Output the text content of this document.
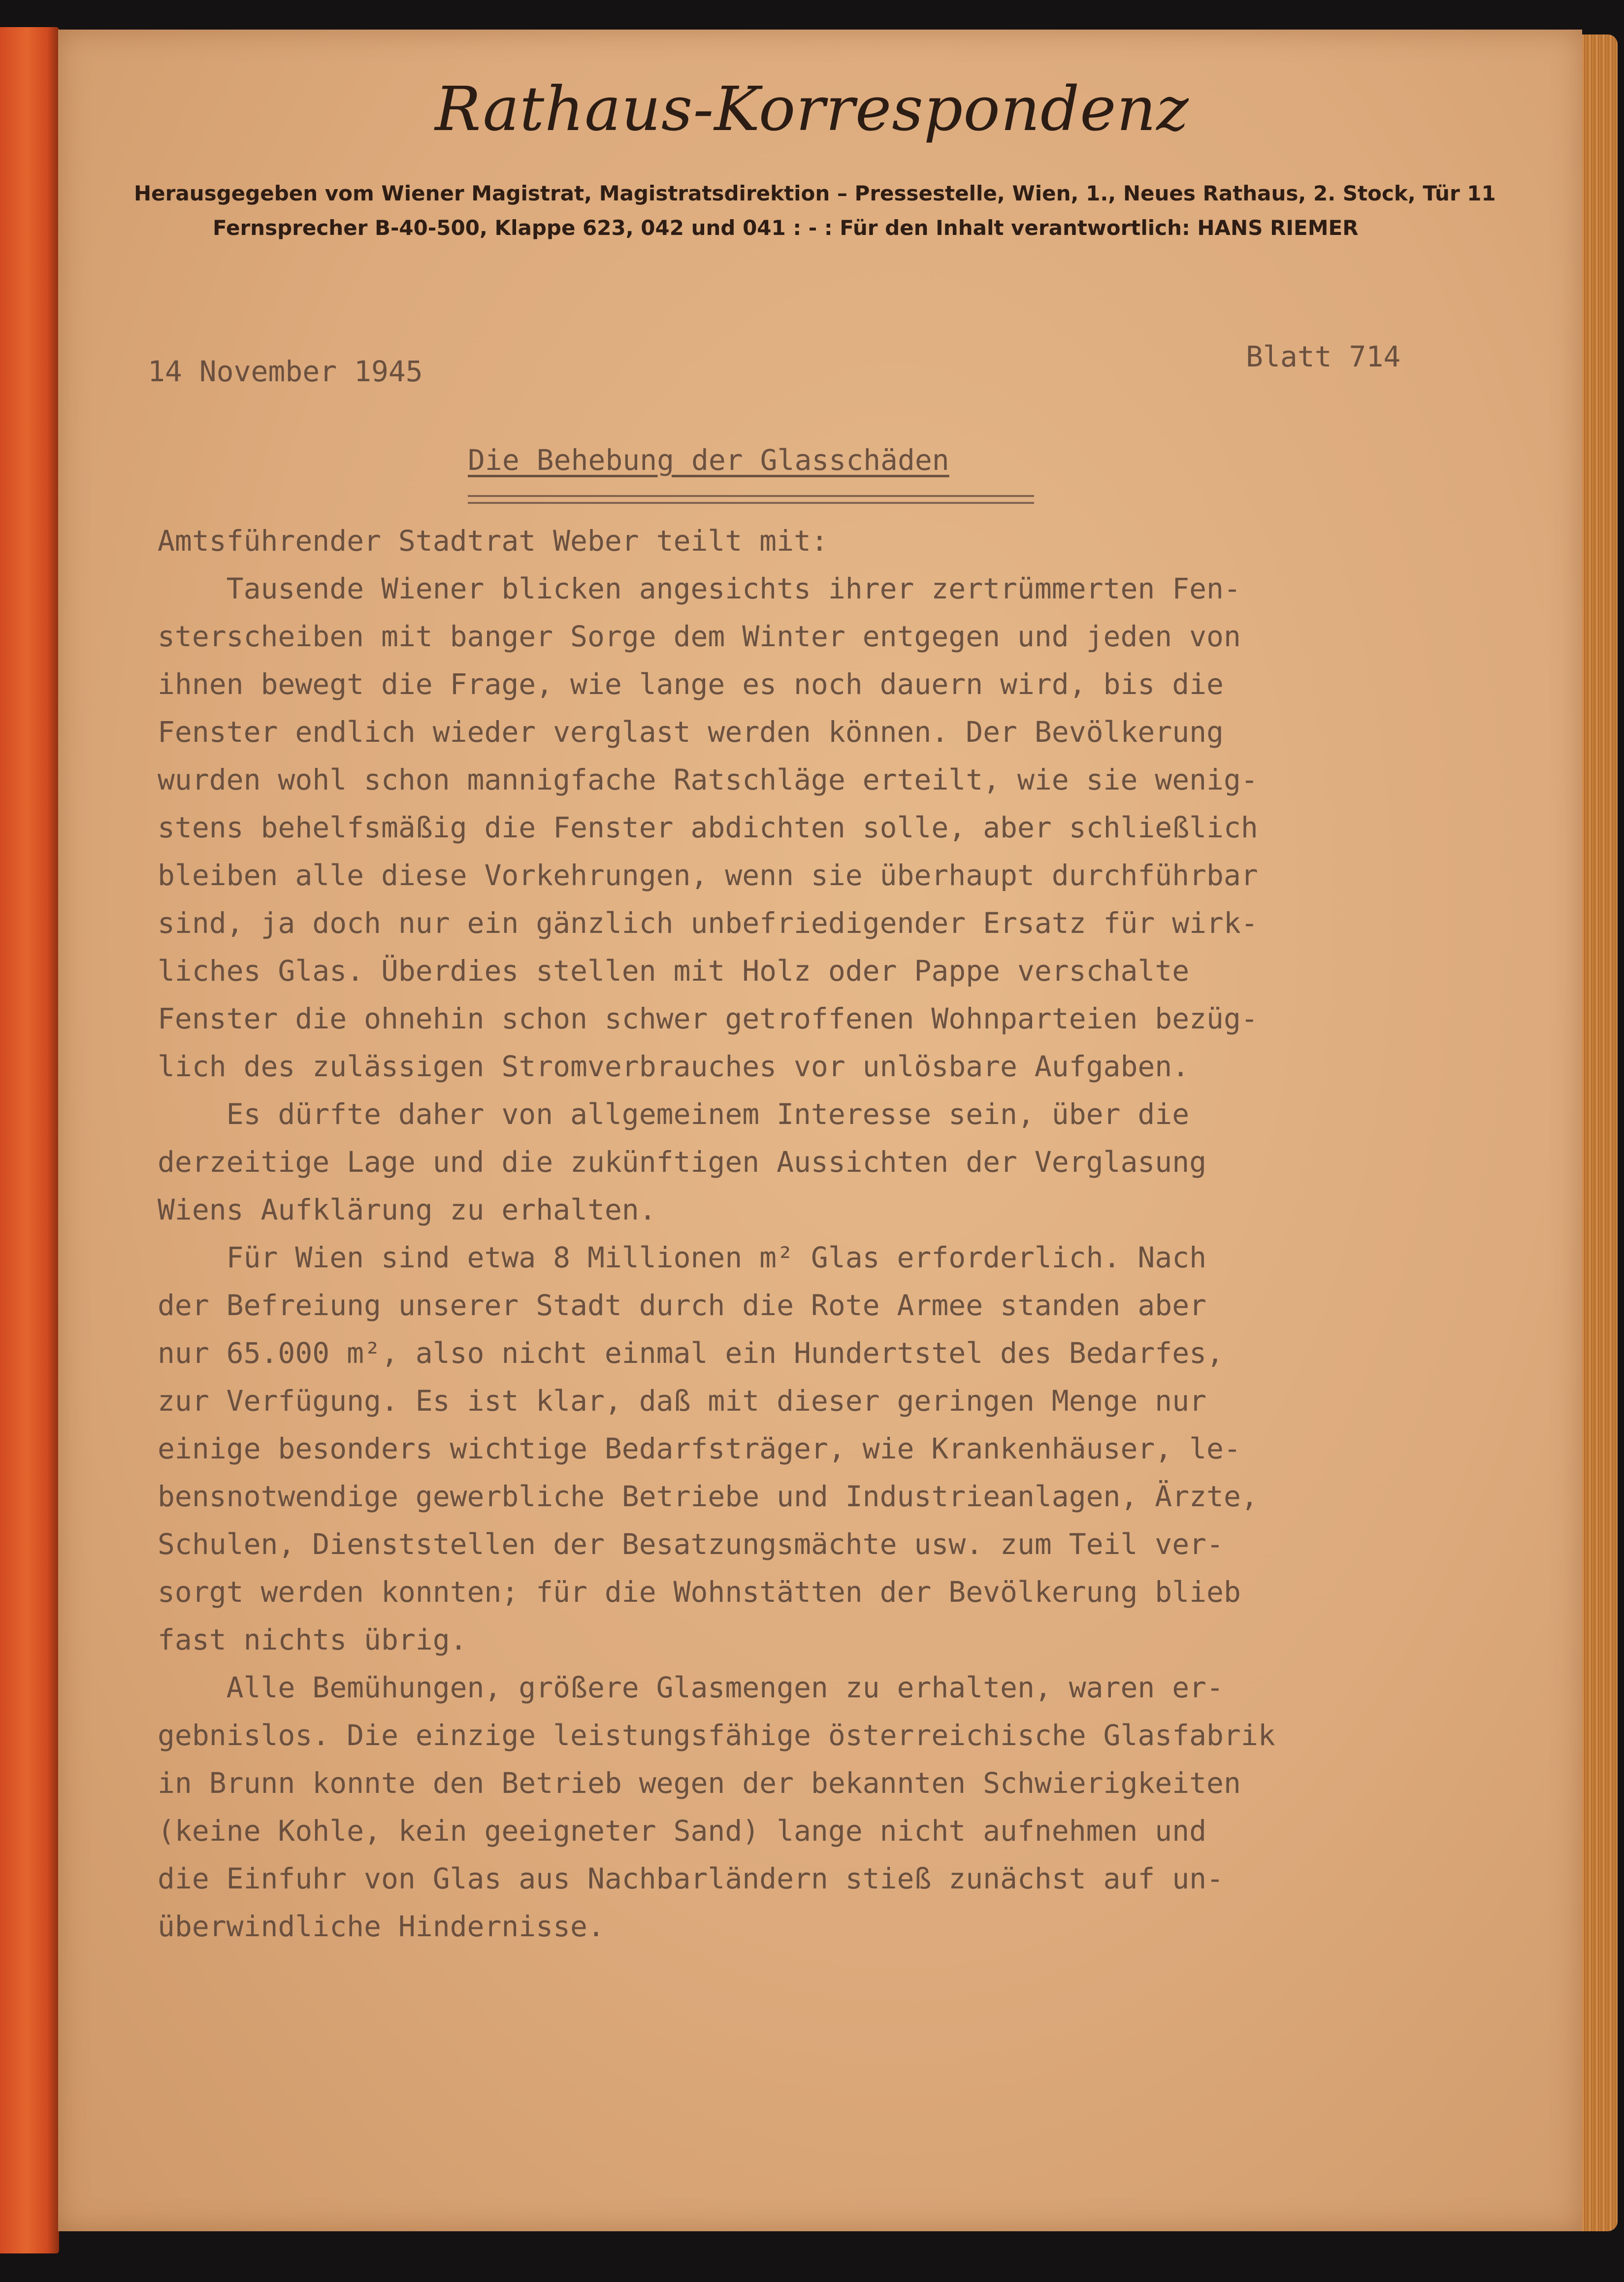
Rathaus-Korrespondenz
Herausgegeben vom Wiener Magistrat, Magistratsdirektion – Pressestelle, Wien, 1., Neues Rathaus, 2. Stock, Tür 11
Fernsprecher B-40-500, Klappe 623, 042 und 041 : - : Für den Inhalt verantwortlich: HANS RIEMER
14 November 1945	Blatt 714
Die Behebung der Glasschäden
Amtsführender Stadtrat Weber teilt mit:
Tausende Wiener blicken angesichts ihrer zertrümmerten Fen-
sterscheiben mit banger Sorge dem Winter entgegen und jeden von
ihnen bewegt die Frage, wie lange es noch dauern wird, bis die
Fenster endlich wieder verglast werden können. Der Bevölkerung
wurden wohl schon mannigfache Ratschläge erteilt, wie sie wenig-
stens behelfsmäßig die Fenster abdichten solle, aber schließlich
bleiben alle diese Vorkehrungen, wenn sie überhaupt durchführbar
sind, ja doch nur ein gänzlich unbefriedigender Ersatz für wirk-
liches Glas. Überdies stellen mit Holz oder Pappe verschalte
Fenster die ohnehin schon schwer getroffenen Wohnparteien bezüg-
lich des zulässigen Stromverbrauches vor unlösbare Aufgaben.
Es dürfte daher von allgemeinem Interesse sein, über die
derzeitige Lage und die zukünftigen Aussichten der Verglasung
Wiens Aufklärung zu erhalten.
Für Wien sind etwa 8 Millionen m² Glas erforderlich. Nach
der Befreiung unserer Stadt durch die Rote Armee standen aber
nur 65.000 m², also nicht einmal ein Hundertstel des Bedarfes,
zur Verfügung. Es ist klar, daß mit dieser geringen Menge nur
einige besonders wichtige Bedarfsträger, wie Krankenhäuser, le-
bensnotwendige gewerbliche Betriebe und Industrieanlagen, Ärzte,
Schulen, Dienststellen der Besatzungsmächte usw. zum Teil ver-
sorgt werden konnten; für die Wohnstätten der Bevölkerung blieb
fast nichts übrig.
Alle Bemühungen, größere Glasmengen zu erhalten, waren er-
gebnislos. Die einzige leistungsfähige österreichische Glasfabrik
in Brunn konnte den Betrieb wegen der bekannten Schwierigkeiten
(keine Kohle, kein geeigneter Sand) lange nicht aufnehmen und
die Einfuhr von Glas aus Nachbarländern stieß zunächst auf un-
überwindliche Hindernisse.
